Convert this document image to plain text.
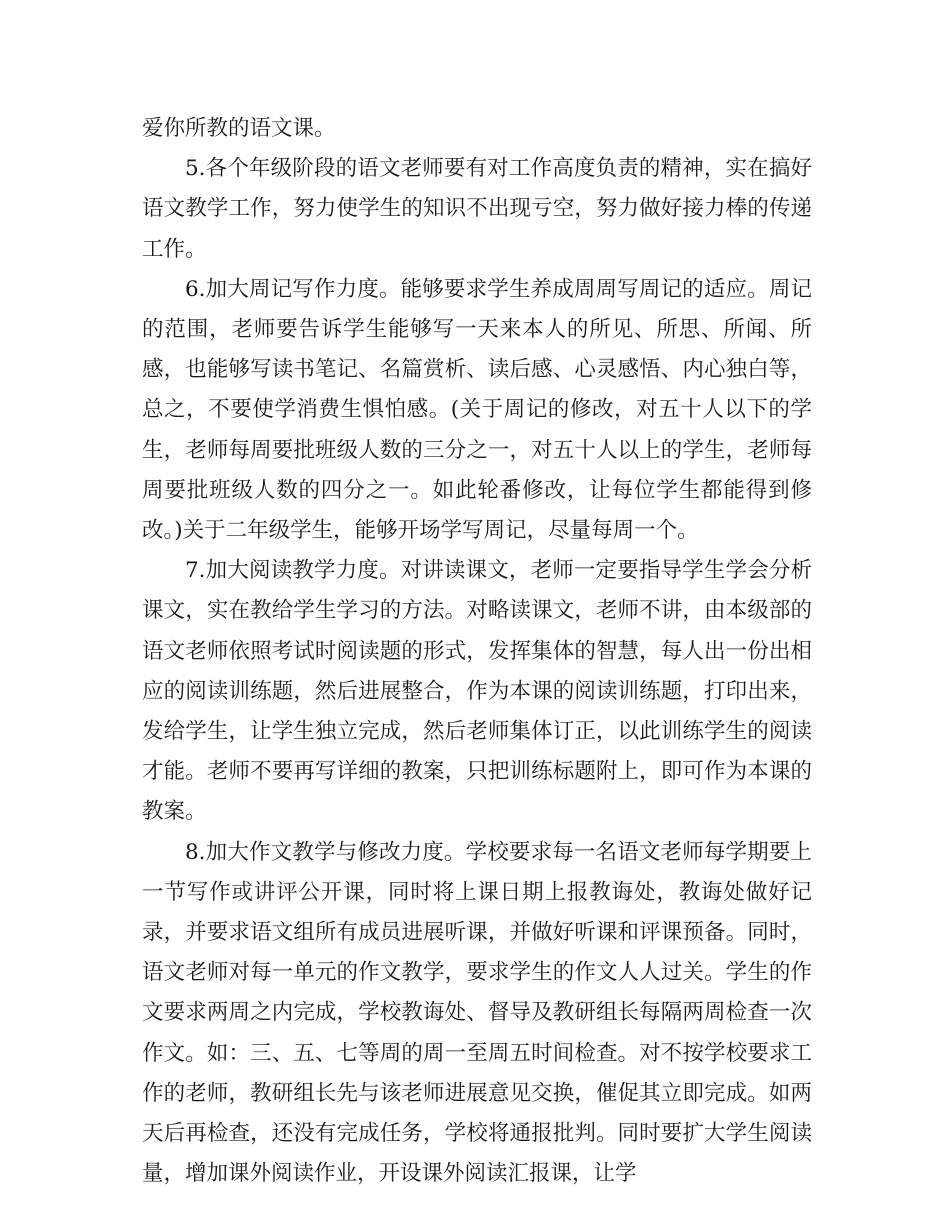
爱你所教的语文课。

5.各个年级阶段的语文老师要有对工作高度负责的精神，实在搞好语文教学工作，努力使学生的知识不出现亏空，努力做好接力棒的传递工作。

6.加大周记写作力度。能够要求学生养成周周写周记的适应。周记的范围，老师要告诉学生能够写一天来本人的所见、所思、所闻、所感，也能够写读书笔记、名篇赏析、读后感、心灵感悟、内心独白等，总之，不要使学消费生惧怕感。(关于周记的修改，对五十人以下的学生，老师每周要批班级人数的三分之一，对五十人以上的学生，老师每周要批班级人数的四分之一。如此轮番修改，让每位学生都能得到修改。)关于二年级学生，能够开场学写周记，尽量每周一个。

7.加大阅读教学力度。对讲读课文，老师一定要指导学生学会分析课文，实在教给学生学习的方法。对略读课文，老师不讲，由本级部的语文老师依照考试时阅读题的形式，发挥集体的智慧，每人出一份出相应的阅读训练题，然后进展整合，作为本课的阅读训练题，打印出来，发给学生，让学生独立完成，然后老师集体订正，以此训练学生的阅读才能。老师不要再写详细的教案，只把训练标题附上，即可作为本课的教案。

8.加大作文教学与修改力度。学校要求每一名语文老师每学期要上一节写作或讲评公开课，同时将上课日期上报教诲处，教诲处做好记录，并要求语文组所有成员进展听课，并做好听课和评课预备。同时，语文老师对每一单元的作文教学，要求学生的作文人人过关。学生的作文要求两周之内完成，学校教诲处、督导及教研组长每隔两周检查一次作文。如：三、五、七等周的周一至周五时间检查。对不按学校要求工作的老师，教研组长先与该老师进展意见交换，催促其立即完成。如两天后再检查，还没有完成任务，学校将通报批判。同时要扩大学生阅读量，增加课外阅读作业，开设课外阅读汇报课，让学
